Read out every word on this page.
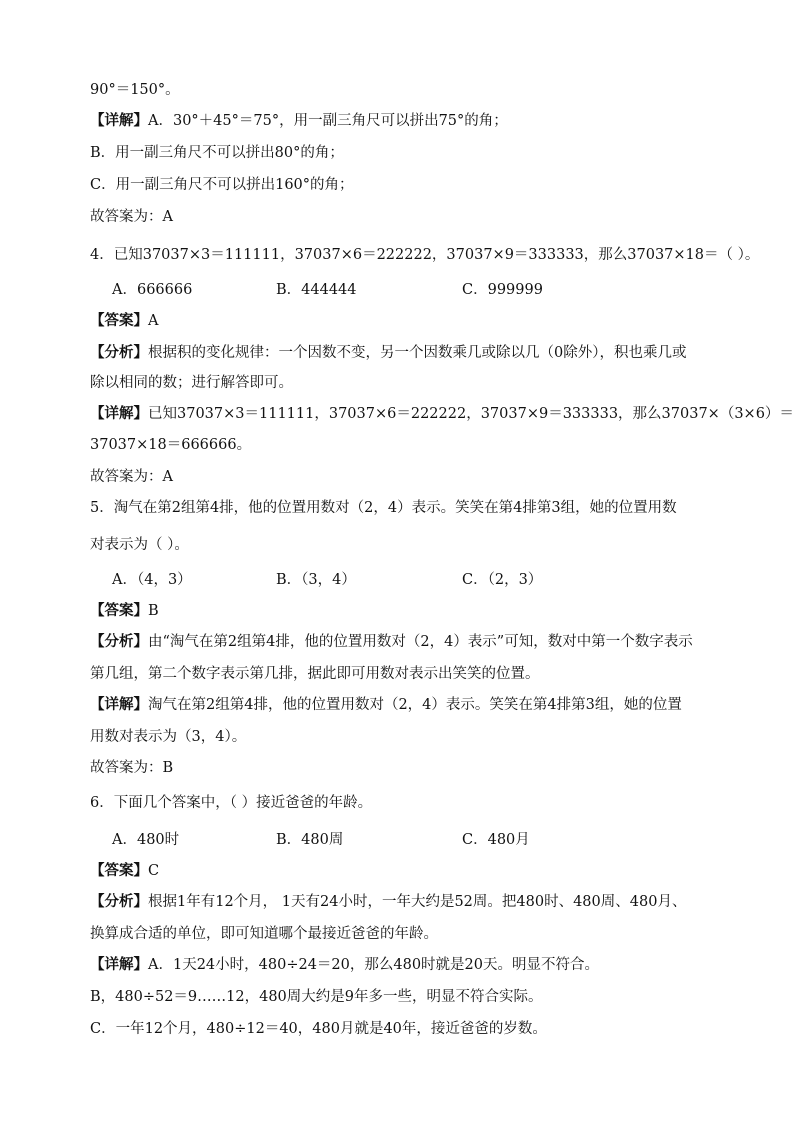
90°＝150°。
【详解】A．30°＋45°＝75°，用一副三角尺可以拼出75°的角；
B．用一副三角尺不可以拼出80°的角；
C．用一副三角尺不可以拼出160°的角；
故答案为：A
4．已知37037×3＝111111，37037×6＝222222，37037×9＝333333，那么37037×18＝（ ）。
A．666666	B．444444	C．999999
【答案】A
【分析】根据积的变化规律：一个因数不变，另一个因数乘几或除以几（0除外），积也乘几或
除以相同的数；进行解答即可。
【详解】已知37037×3＝111111，37037×6＝222222，37037×9＝333333，那么37037×（3×6）＝
37037×18＝666666。
故答案为：A
5．淘气在第2组第4排，他的位置用数对（2，4）表示。笑笑在第4排第3组，她的位置用数
对表示为（ ）。
A．（4，3）	B．（3，4）	C．（2，3）
【答案】B
【分析】由“淘气在第2组第4排，他的位置用数对（2，4）表示”可知，数对中第一个数字表示
第几组，第二个数字表示第几排，据此即可用数对表示出笑笑的位置。
【详解】淘气在第2组第4排，他的位置用数对（2，4）表示。笑笑在第4排第3组，她的位置
用数对表示为（3，4）。
故答案为：B
6．下面几个答案中，（ ）接近爸爸的年龄。
A．480时	B．480周	C．480月
【答案】C
【分析】根据1年有12个月， 1天有24小时，一年大约是52周。把480时、480周、480月、
换算成合适的单位，即可知道哪个最接近爸爸的年龄。
【详解】A．1天24小时，480÷24＝20，那么480时就是20天。明显不符合。
B，480÷52＝9……12，480周大约是9年多一些，明显不符合实际。
C．一年12个月，480÷12＝40，480月就是40年，接近爸爸的岁数。
